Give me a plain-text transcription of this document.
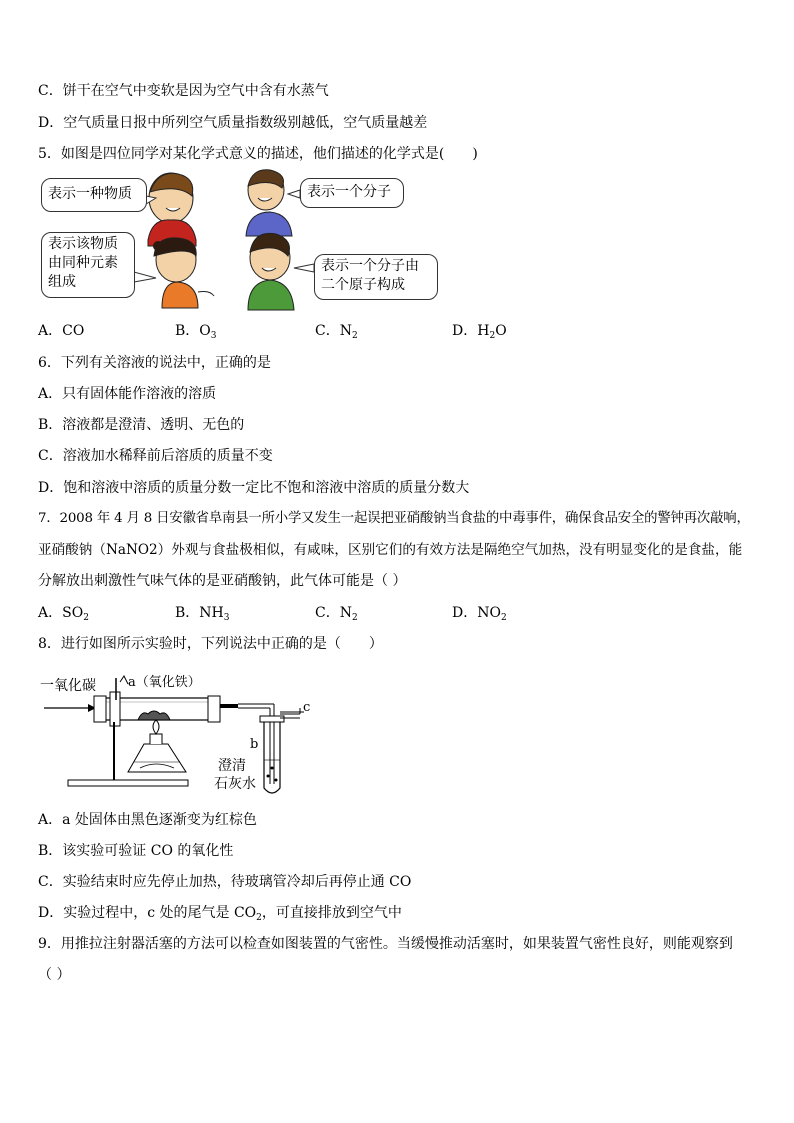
C．饼干在空气中变软是因为空气中含有水蒸气
D．空气质量日报中所列空气质量指数级别越低，空气质量越差
5．如图是四位同学对某化学式意义的描述，他们描述的化学式是(　　)
表示一种物质	表示一个分子
表示该物质
由同种元素
组成
表示一个分子由
二个原子构成
A．CO	B．$O_3$	C．$N_2$	D．$H_2O$
6．下列有关溶液的说法中，正确的是
A．只有固体能作溶液的溶质
B．溶液都是澄清、透明、无色的
C．溶液加水稀释前后溶质的质量不变
D．饱和溶液中溶质的质量分数一定比不饱和溶液中溶质的质量分数大
7．2008 年 4 月 8 日安徽省阜南县一所小学又发生一起误把亚硝酸钠当食盐的中毒事件，确保食品安全的警钟再次敲响，
亚硝酸钠（NaNO2）外观与食盐极相似，有咸味，区别它们的有效方法是隔绝空气加热，没有明显变化的是食盐，能
分解放出刺激性气味气体的是亚硝酸钠，此气体可能是（ ）
A．$SO_2$	B．$NH_3$	C．$N_2$	D．$NO_2$
8．进行如图所示实验时，下列说法中正确的是（　　）
一氧化碳 a（氧化铁）
c
b
澄清
石灰水
A．a 处固体由黑色逐渐变为红棕色
B．该实验可验证 CO 的氧化性
C．实验结束时应先停止加热，待玻璃管冷却后再停止通 CO
D．实验过程中，c 处的尾气是 $CO_2$，可直接排放到空气中
9．用推拉注射器活塞的方法可以检查如图装置的气密性。当缓慢推动活塞时，如果装置气密性良好，则能观察到
（ ）
